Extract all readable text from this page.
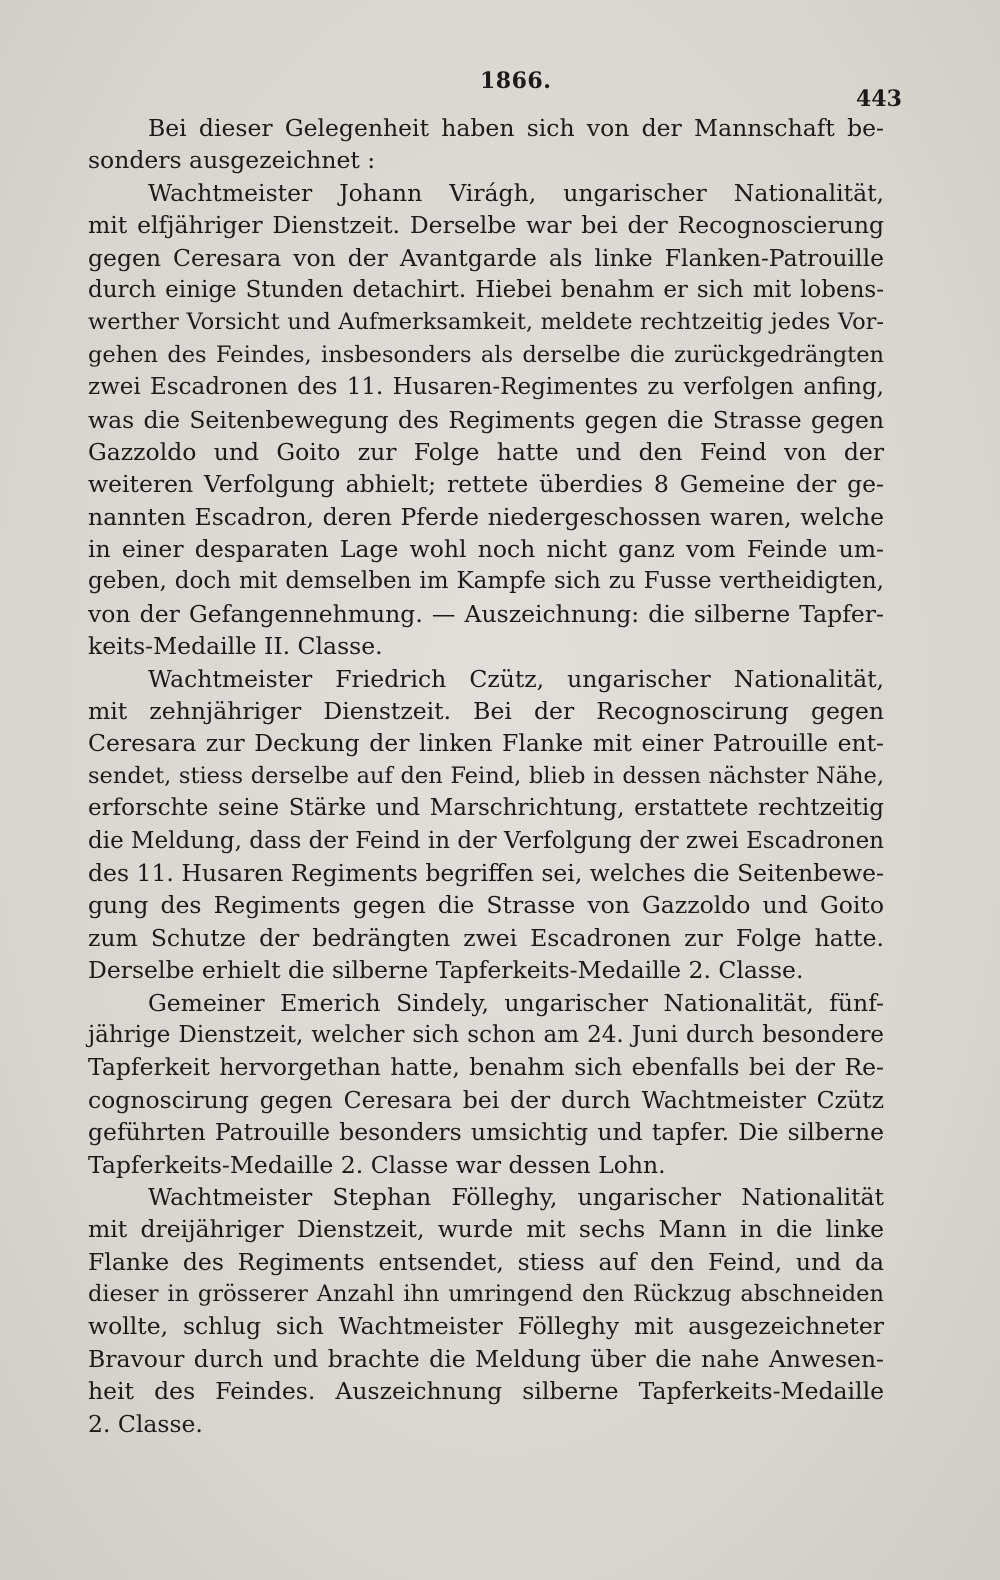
1866.
443
Bei dieser Gelegenheit haben sich von der Mannschaft be-
sonders ausgezeichnet :
Wachtmeister Johann Virágh, ungarischer Nationalität,
mit elfjähriger Dienstzeit. Derselbe war bei der Recognoscierung
gegen Ceresara von der Avantgarde als linke Flanken-Patrouille
durch einige Stunden detachirt. Hiebei benahm er sich mit lobens-
werther Vorsicht und Aufmerksamkeit, meldete rechtzeitig jedes Vor-
gehen des Feindes, insbesonders als derselbe die zurückgedrängten
zwei Escadronen des 11. Husaren-Regimentes zu verfolgen anfing,
was die Seitenbewegung des Regiments gegen die Strasse gegen
Gazzoldo und Goito zur Folge hatte und den Feind von der
weiteren Verfolgung abhielt; rettete überdies 8 Gemeine der ge-
nannten Escadron, deren Pferde niedergeschossen waren, welche
in einer desparaten Lage wohl noch nicht ganz vom Feinde um-
geben, doch mit demselben im Kampfe sich zu Fusse vertheidigten,
von der Gefangennehmung. — Auszeichnung: die silberne Tapfer-
keits-Medaille II. Classe.
Wachtmeister Friedrich Czütz, ungarischer Nationalität,
mit zehnjähriger Dienstzeit. Bei der Recognoscirung gegen
Ceresara zur Deckung der linken Flanke mit einer Patrouille ent-
sendet, stiess derselbe auf den Feind, blieb in dessen nächster Nähe,
erforschte seine Stärke und Marschrichtung, erstattete rechtzeitig
die Meldung, dass der Feind in der Verfolgung der zwei Escadronen
des 11. Husaren Regiments begriffen sei, welches die Seitenbewe-
gung des Regiments gegen die Strasse von Gazzoldo und Goito
zum Schutze der bedrängten zwei Escadronen zur Folge hatte.
Derselbe erhielt die silberne Tapferkeits-Medaille 2. Classe.
Gemeiner Emerich Sindely, ungarischer Nationalität, fünf-
jährige Dienstzeit, welcher sich schon am 24. Juni durch besondere
Tapferkeit hervorgethan hatte, benahm sich ebenfalls bei der Re-
cognoscirung gegen Ceresara bei der durch Wachtmeister Czütz
geführten Patrouille besonders umsichtig und tapfer. Die silberne
Tapferkeits-Medaille 2. Classe war dessen Lohn.
Wachtmeister Stephan Fölleghy, ungarischer Nationalität
mit dreijähriger Dienstzeit, wurde mit sechs Mann in die linke
Flanke des Regiments entsendet, stiess auf den Feind, und da
dieser in grösserer Anzahl ihn umringend den Rückzug abschneiden
wollte, schlug sich Wachtmeister Fölleghy mit ausgezeichneter
Bravour durch und brachte die Meldung über die nahe Anwesen-
heit des Feindes. Auszeichnung silberne Tapferkeits-Medaille
2. Classe.
